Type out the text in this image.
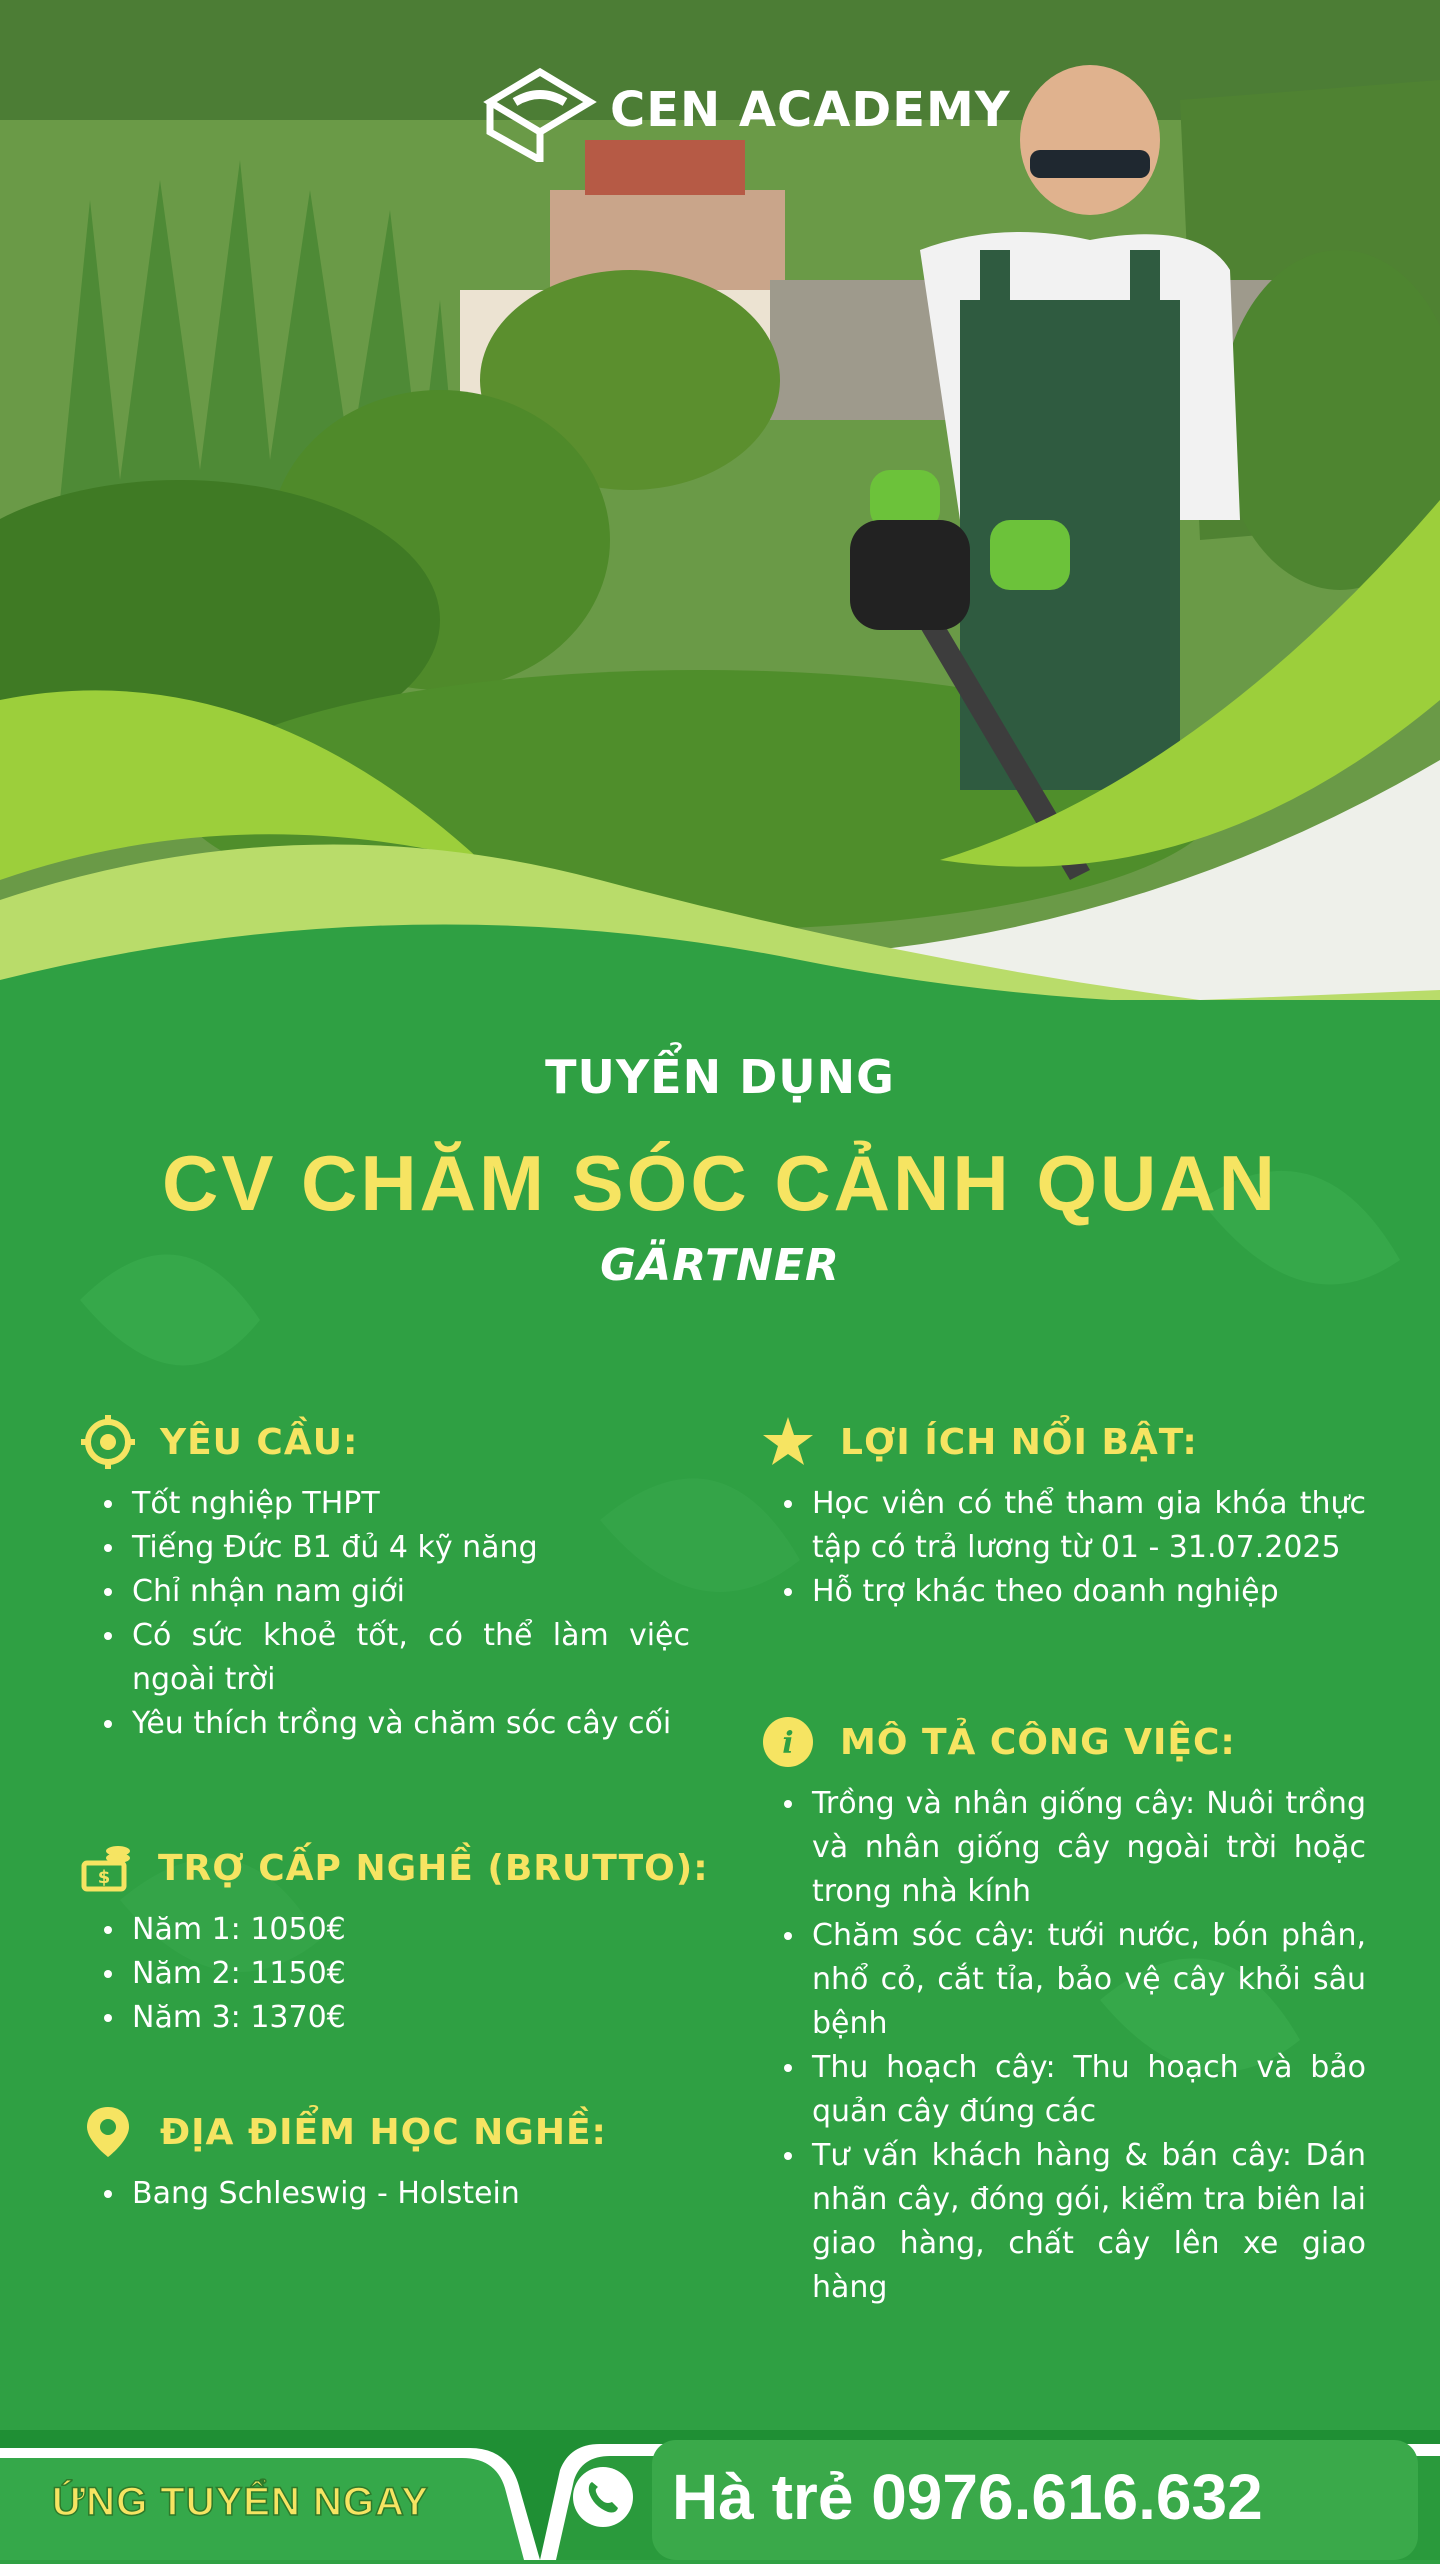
CEN ACADEMY
TUYỂN DỤNG
CV CHĂM SÓC CẢNH QUAN
GÄRTNER
YÊU CẦU:
Tốt nghiệp THPT
Tiếng Đức B1 đủ 4 kỹ năng
Chỉ nhận nam giới
Có sức khoẻ tốt, có thể làm việc ngoài trời
Yêu thích trồng và chăm sóc cây cối
$ TRỢ CẤP NGHỀ (BRUTTO):
Năm 1: 1050€
Năm 2: 1150€
Năm 3: 1370€
ĐỊA ĐIỂM HỌC NGHỀ:
Bang Schleswig - Holstein
LỢI ÍCH NỔI BẬT:
Học viên có thể tham gia khóa thực tập có trả lương từ 01 - 31.07.2025
Hỗ trợ khác theo doanh nghiệp
i MÔ TẢ CÔNG VIỆC:
Trồng và nhân giống cây: Nuôi trồng và nhân giống cây ngoài trời hoặc trong nhà kính
Chăm sóc cây: tưới nước, bón phân, nhổ cỏ, cắt tỉa, bảo vệ cây khỏi sâu bệnh
Thu hoạch cây: Thu hoạch và bảo quản cây đúng các
Tư vấn khách hàng & bán cây: Dán nhãn cây, đóng gói, kiểm tra biên lai giao hàng, chất cây lên xe giao hàng
ỨNG TUYỂN NGAY	Hà trẻ 0976.616.632
